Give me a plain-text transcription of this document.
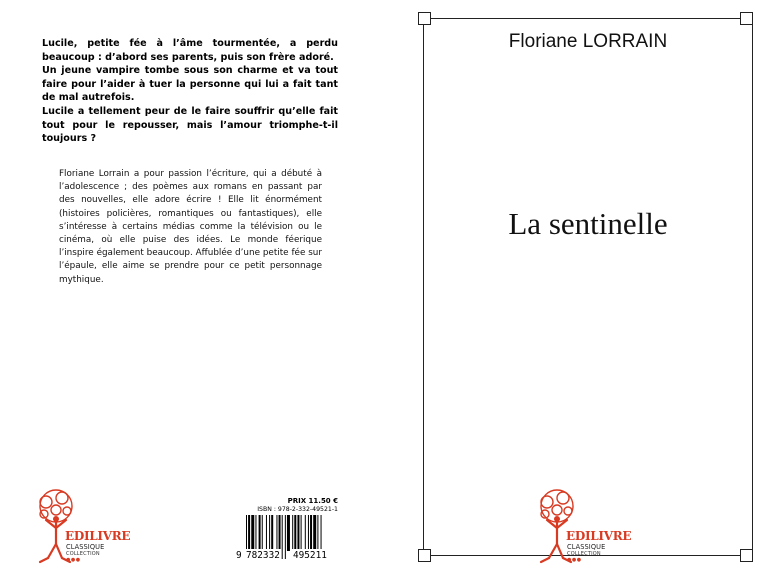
Lucile, petite fée à l’âme tourmentée, a perdu beaucoup : d’abord ses parents, puis son frère adoré.

Un jeune vampire tombe sous son charme et va tout faire pour l’aider à tuer la personne qui lui a fait tant de mal autrefois.

Lucile a tellement peur de le faire souffrir qu’elle fait tout pour le repousser, mais l’amour triomphe-t-il toujours ?

Floriane Lorrain a pour passion l’écriture, qui a débuté à l’adolescence ; des poèmes aux romans en passant par des nouvelles, elle adore écrire ! Elle lit énormément (histoires policières, romantiques ou fantastiques), elle s’intéresse à certains médias comme la télévision ou le cinéma, où elle puise des idées. Le monde féerique l’inspire également beaucoup. Affublée d’une petite fée sur l’épaule, elle aime se prendre pour ce petit personnage mythique.
EDILIVRE
CLASSIQUE
COLLECTION ●●●
PRIX 11.50 €
ISBN : 978-2-332-49521-1
9 782332 495211
Floriane LORRAIN
La sentinelle
EDILIVRE
CLASSIQUE
COLLECTION ●●●
